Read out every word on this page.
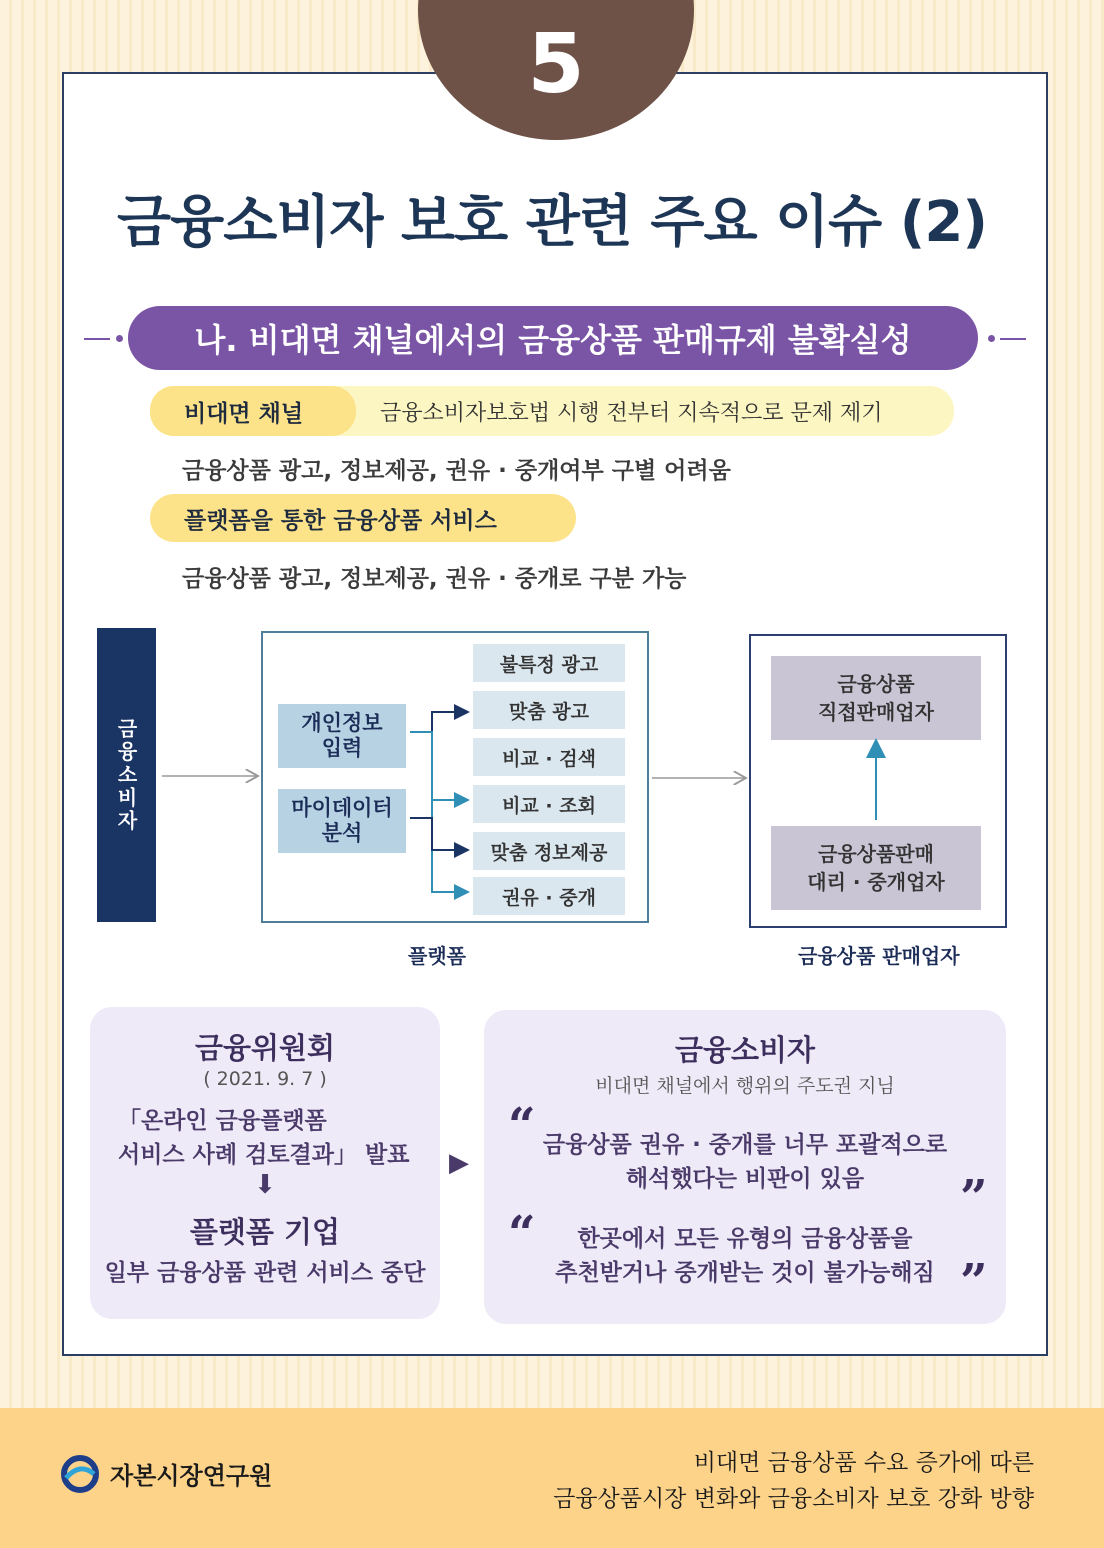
5
금융소비자 보호 관련 주요 이슈 (2)
나. 비대면 채널에서의 금융상품 판매규제 불확실성
비대면 채널	금융소비자보호법 시행 전부터 지속적으로 문제 제기
금융상품 광고, 정보제공, 권유 · 중개여부 구별 어려움
플랫폼을 통한 금융상품 서비스
금융상품 광고, 정보제공, 권유 · 중개로 구분 가능
금융소비자	개인정보
입력
마이데이터
분석
불특정 광고
맞춤 광고
비교 · 검색
비교 · 조회
맞춤 정보제공
권유 · 중개
플랫폼
금융상품
직접판매업자
금융상품판매
대리 · 중개업자
금융상품 판매업자
금융위원회
( 2021. 9. 7 )
「온라인 금융플랫폼
서비스 사례 검토결과」 발표
⬇
플랫폼 기업
일부 금융상품 관련 서비스 중단
▶
금융소비자
비대면 채널에서 행위의 주도권 지님
“ 금융상품 권유 · 중개를 너무 포괄적으로
해석했다는 비판이 있음	”
“	한곳에서 모든 유형의 금융상품을
추천받거나 중개받는 것이 불가능해짐 ”
자본시장연구원	비대면 금융상품 수요 증가에 따른
금융상품시장 변화와 금융소비자 보호 강화 방향
